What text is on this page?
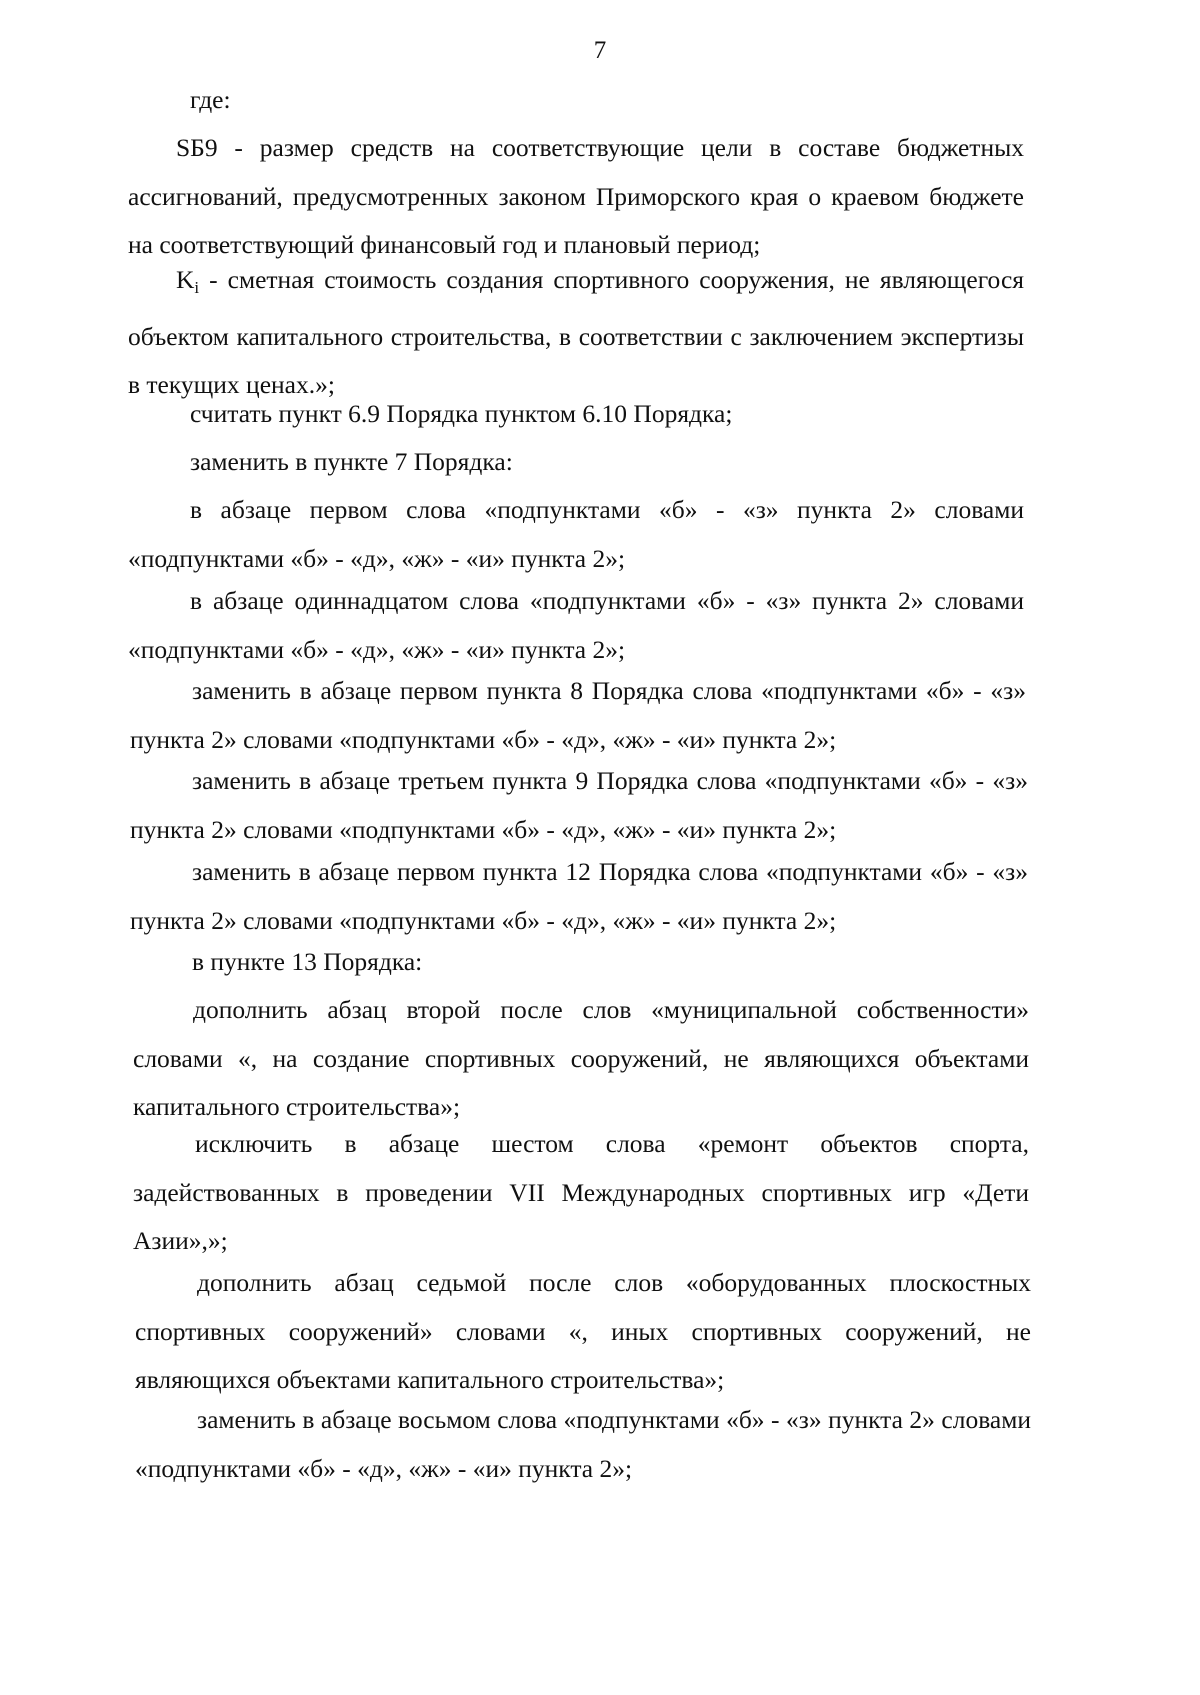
7

где:

SБ9 - размер средств на соответствующие цели в составе бюджетных ассигнований, предусмотренных законом Приморского края о краевом бюджете на соответствующий финансовый год и плановый период;

$K_i$ - сметная стоимость создания спортивного сооружения, не являющегося объектом капитального строительства, в соответствии с заключением экспертизы в текущих ценах.»;

считать пункт 6.9 Порядка пунктом 6.10 Порядка;

заменить в пункте 7 Порядка:

в абзаце первом слова «подпунктами «б» - «з» пункта 2» словами «подпунктами «б» - «д», «ж» - «и» пункта 2»;

в абзаце одиннадцатом слова «подпунктами «б» - «з» пункта 2» словами «подпунктами «б» - «д», «ж» - «и» пункта 2»;

заменить в абзаце первом пункта 8 Порядка слова «подпунктами «б» - «з» пункта 2» словами «подпунктами «б» - «д», «ж» - «и» пункта 2»;

заменить в абзаце третьем пункта 9 Порядка слова «подпунктами «б» - «з» пункта 2» словами «подпунктами «б» - «д», «ж» - «и» пункта 2»;

заменить в абзаце первом пункта 12 Порядка слова «подпунктами «б» - «з» пункта 2» словами «подпунктами «б» - «д», «ж» - «и» пункта 2»;

в пункте 13 Порядка:

дополнить абзац второй после слов «муниципальной собственности» словами «, на создание спортивных сооружений, не являющихся объектами капитального строительства»;

исключить в абзаце шестом слова «ремонт объектов спорта, задействованных в проведении VII Международных спортивных игр «Дети Азии»,»;

дополнить абзац седьмой после слов «оборудованных плоскостных спортивных сооружений» словами «, иных спортивных сооружений, не являющихся объектами капитального строительства»;

заменить в абзаце восьмом слова «подпунктами «б» - «з» пункта 2» словами «подпунктами «б» - «д», «ж» - «и» пункта 2»;
